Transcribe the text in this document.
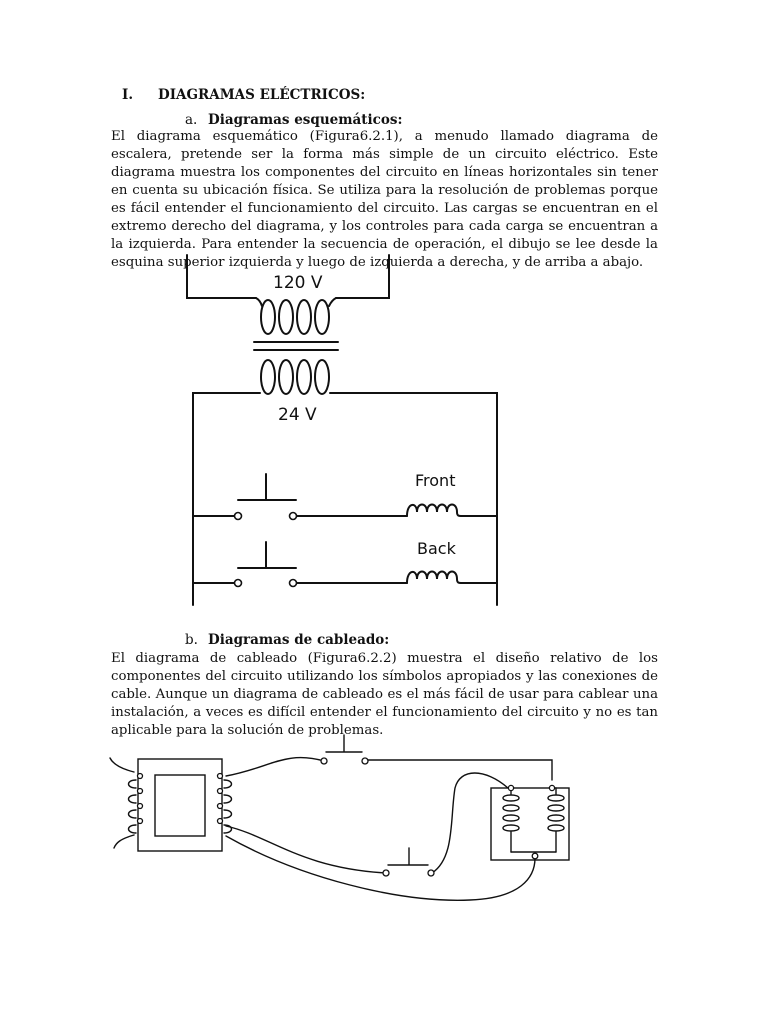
I. DIAGRAMAS ELÉCTRICOS:
a. Diagramas esquemáticos:

El diagrama esquemático (Figura6.2.1), a menudo llamado diagrama de escalera, pretende ser la forma más simple de un circuito eléctrico. Este diagrama muestra los componentes del circuito en líneas horizontales sin tener en cuenta su ubicación física. Se utiliza para la resolución de problemas porque es fácil entender el funcionamiento del circuito. Las cargas se encuentran en el extremo derecho del diagrama, y los controles para cada carga se encuentran a la izquierda. Para entender la secuencia de operación, el dibujo se lee desde la esquina superior izquierda y luego de izquierda a derecha, y de arriba a abajo.

120 V
24 V
Front
Back
b. Diagramas de cableado:

El diagrama de cableado (Figura6.2.2) muestra el diseño relativo de los componentes del circuito utilizando los símbolos apropiados y las conexiones de cable. Aunque un diagrama de cableado es el más fácil de usar para cablear una instalación, a veces es difícil entender el funcionamiento del circuito y no es tan aplicable para la solución de problemas.
